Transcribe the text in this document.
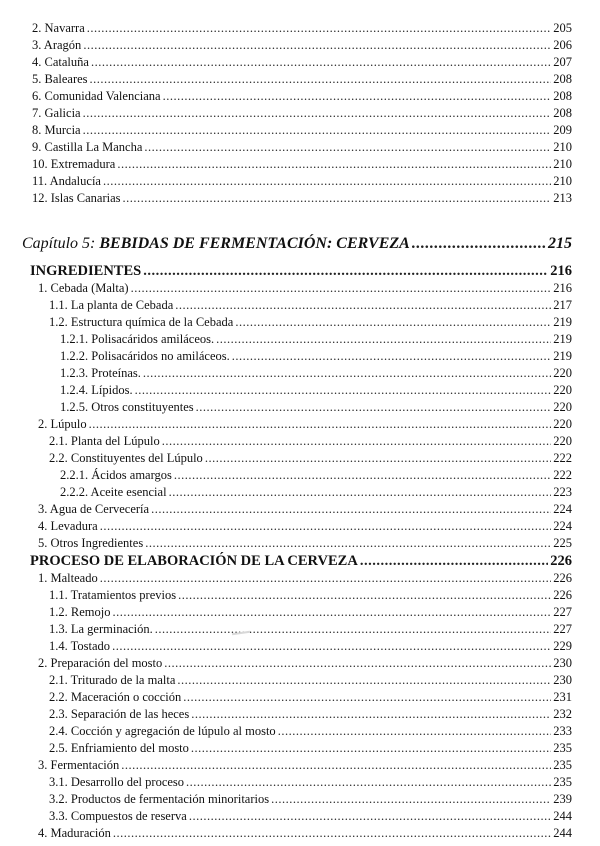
2. Navarra .....	205
3. Aragón .....	206
4. Cataluña .....	207
5. Baleares .....	208
6. Comunidad Valenciana .....	208
7. Galicia .....	208
8. Murcia .....	209
9. Castilla La Mancha .....	210
10. Extremadura .....	210
11. Andalucía .....	210
12. Islas Canarias .....	213
Capítulo 5: BEBIDAS DE FERMENTACIÓN: CERVEZA .....	215
INGREDIENTES .....	216
1. Cebada (Malta) .....	216
1.1. La planta de Cebada .....	217
1.2. Estructura química de la Cebada .....	219
1.2.1. Polisacáridos amiláceos. .....	219
1.2.2. Polisacáridos no amiláceos. .....	219
1.2.3. Proteínas. .....	220
1.2.4. Lípidos. .....	220
1.2.5. Otros constituyentes .....	220
2. Lúpulo .....	220
2.1. Planta del Lúpulo .....	220
2.2. Constituyentes del Lúpulo .....	222
2.2.1. Ácidos amargos .....	222
2.2.2. Aceite esencial .....	223
3. Agua de Cervecería .....	224
4. Levadura .....	224
5. Otros Ingredientes .....	225
PROCESO DE ELABORACIÓN DE LA CERVEZA .....	226
1. Malteado .....	226
1.1. Tratamientos previos .....	226
1.2. Remojo .....	227
1.3. La germinación. .....	227
1.4. Tostado .....	229
2. Preparación del mosto .....	230
2.1. Triturado de la malta .....	230
2.2. Maceración o cocción .....	231
2.3. Separación de las heces .....	232
2.4. Cocción y agregación de lúpulo al mosto .....	233
2.5. Enfriamiento del mosto .....	235
3. Fermentación .....	235
3.1. Desarrollo del proceso .....	235
3.2. Productos de fermentación minoritarios .....	239
3.3. Compuestos de reserva .....	244
4. Maduración .....	244
